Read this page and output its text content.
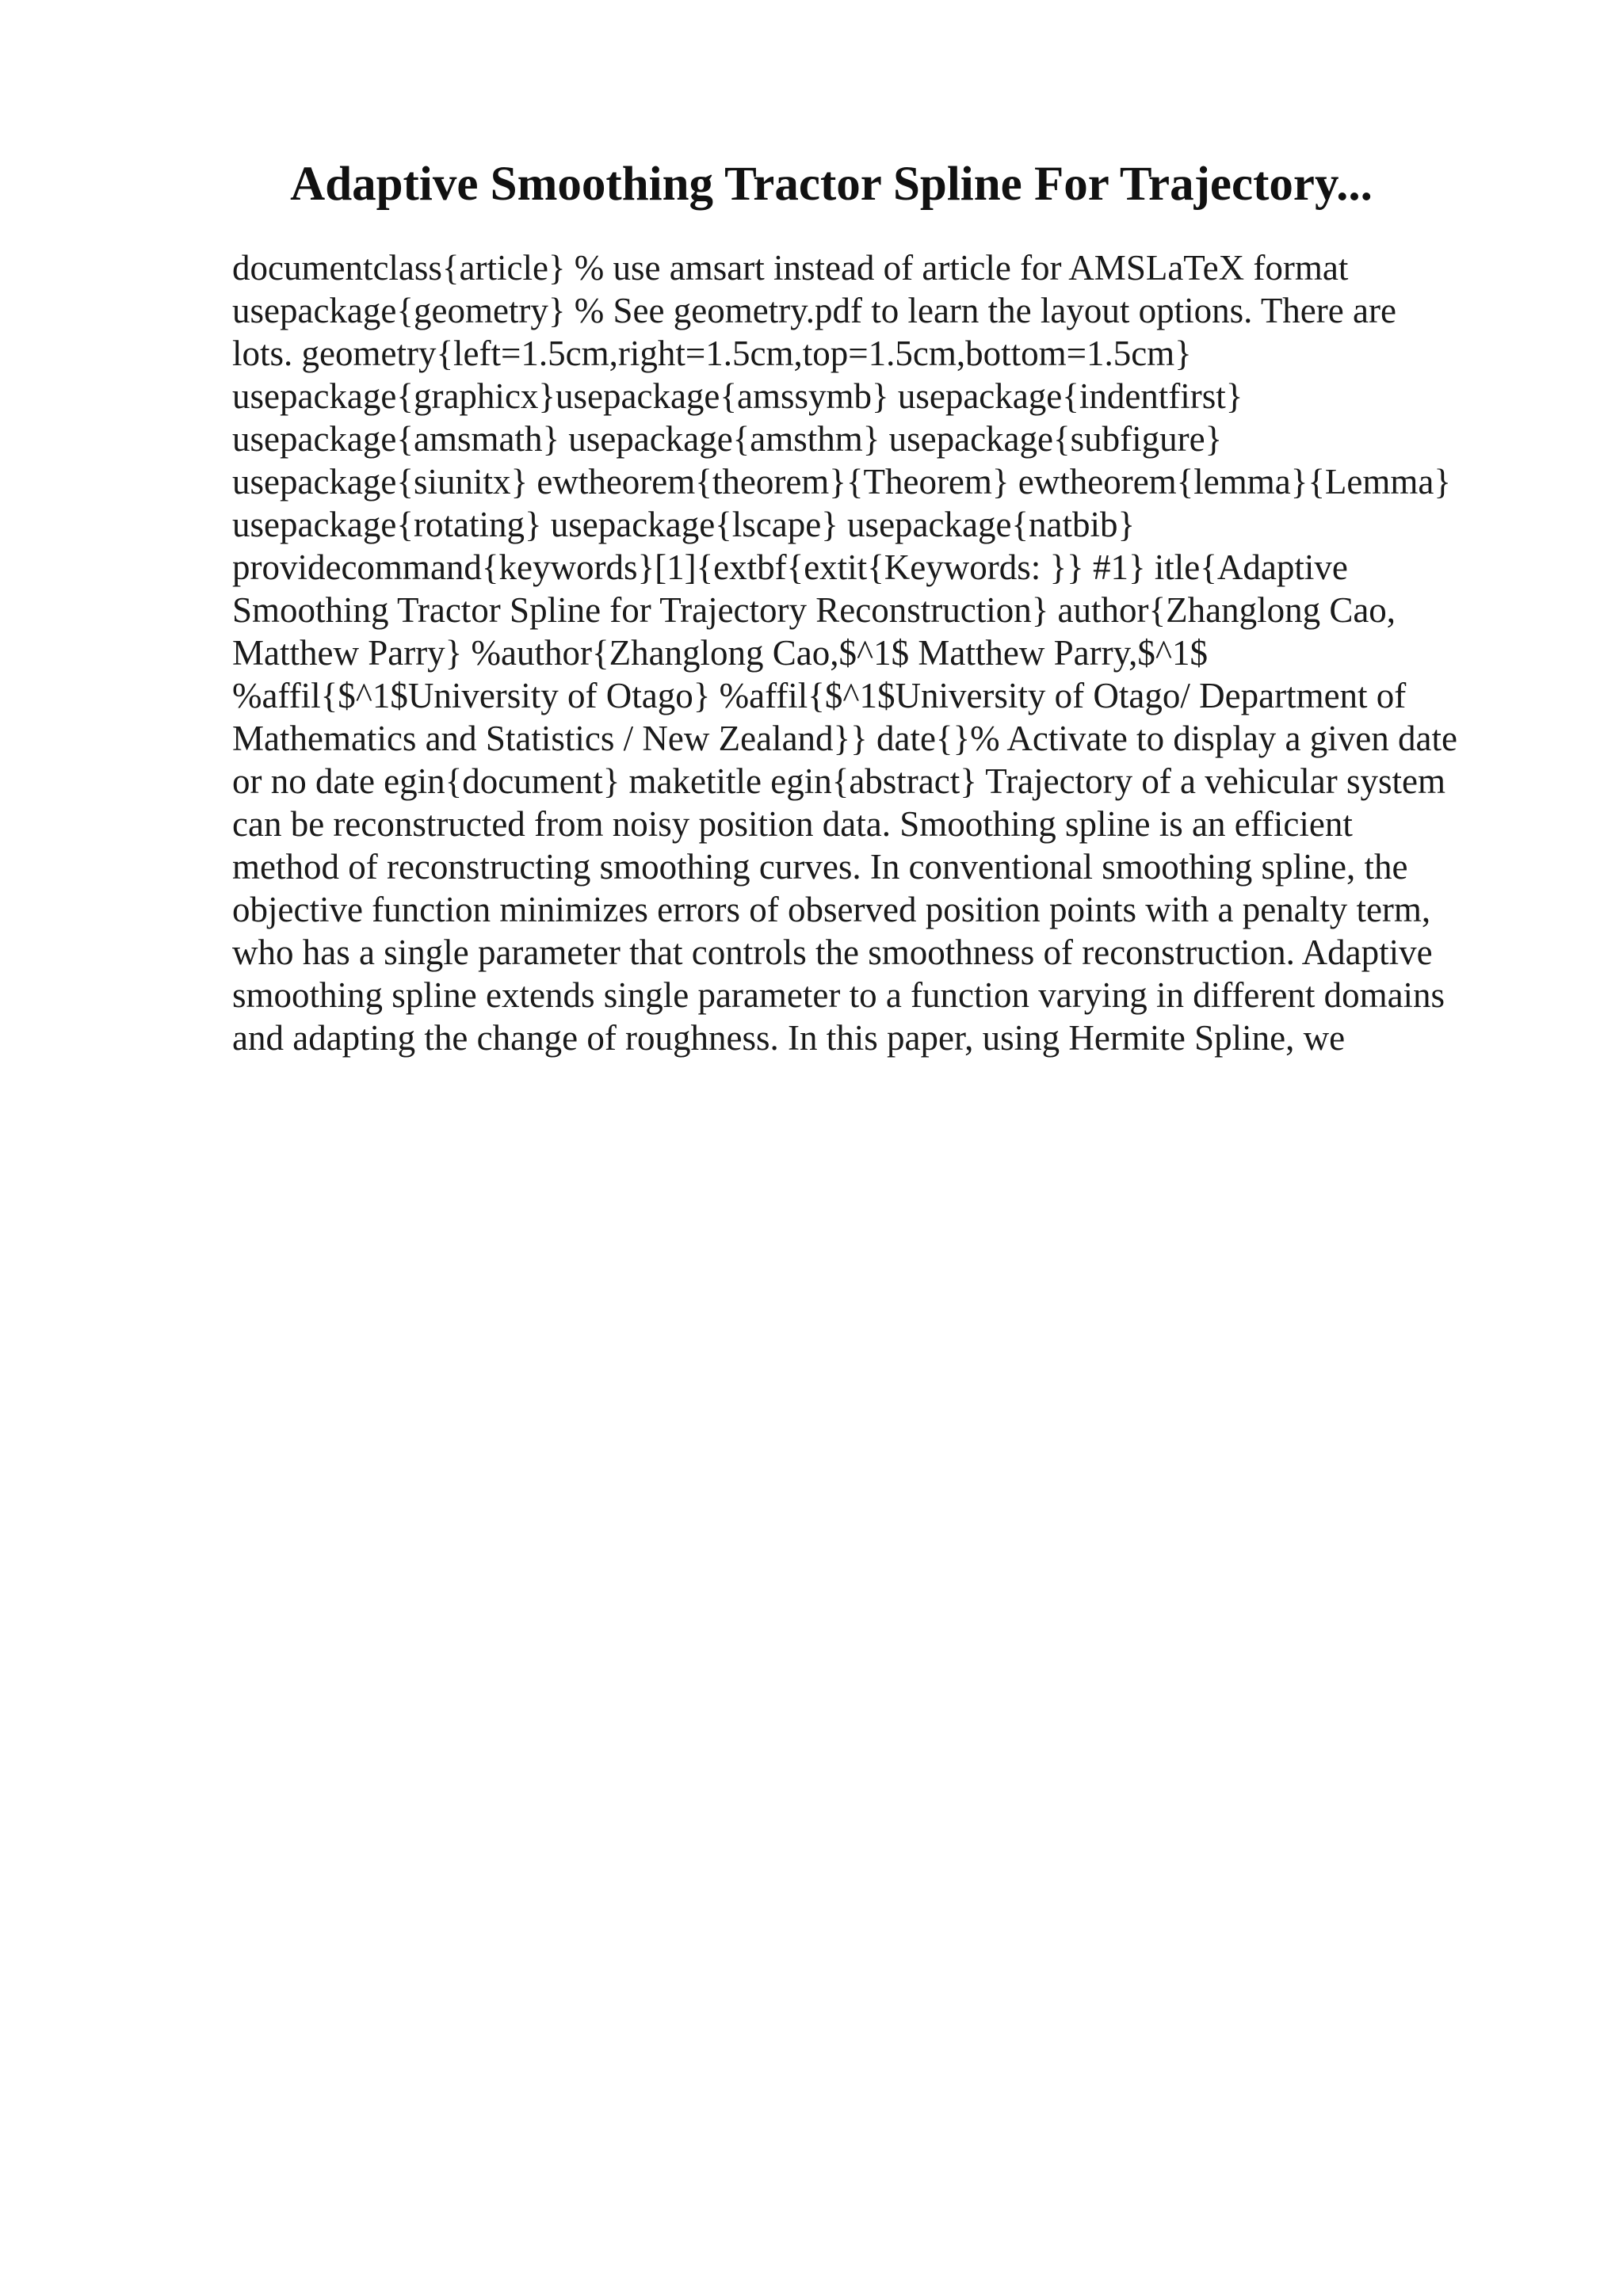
Adaptive Smoothing Tractor Spline For Trajectory...
documentclass{article} % use amsart instead of article for AMSLaTeX format
usepackage{geometry} % See geometry.pdf to learn the layout options. There are
lots. geometry{left=1.5cm,right=1.5cm,top=1.5cm,bottom=1.5cm}
usepackage{graphicx}usepackage{amssymb} usepackage{indentfirst}
usepackage{amsmath} usepackage{amsthm} usepackage{subfigure}
usepackage{siunitx} ewtheorem{theorem}{Theorem} ewtheorem{lemma}{Lemma}
usepackage{rotating} usepackage{lscape} usepackage{natbib}
providecommand{keywords}[1]{extbf{extit{Keywords: }} #1} itle{Adaptive
Smoothing Tractor Spline for Trajectory Reconstruction} author{Zhanglong Cao,
Matthew Parry} %author{Zhanglong Cao,$^1$ Matthew Parry,$^1$
%affil{$^1$University of Otago} %affil{$^1$University of Otago/ Department of
Mathematics and Statistics / New Zealand}} date{}% Activate to display a given date
or no date egin{document} maketitle egin{abstract} Trajectory of a vehicular system
can be reconstructed from noisy position data. Smoothing spline is an efficient
method of reconstructing smoothing curves. In conventional smoothing spline, the
objective function minimizes errors of observed position points with a penalty term,
who has a single parameter that controls the smoothness of reconstruction. Adaptive
smoothing spline extends single parameter to a function varying in different domains
and adapting the change of roughness. In this paper, using Hermite Spline, we
